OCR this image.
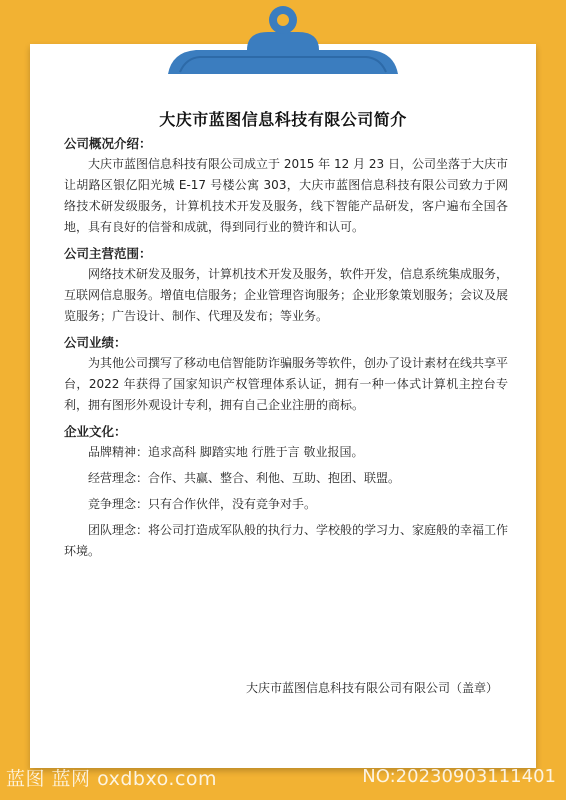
大庆市蓝图信息科技有限公司简介

公司概况介绍：

大庆市蓝图信息科技有限公司成立于 2015 年 12 月 23 日，公司坐落于大庆市让胡路区银亿阳光城 E-17 号楼公寓 303，大庆市蓝图信息科技有限公司致力于网络技术研发级服务，计算机技术开发及服务，线下智能产品研发，客户遍布全国各地，具有良好的信誉和成就，得到同行业的赞许和认可。

公司主营范围：

网络技术研发及服务，计算机技术开发及服务，软件开发，信息系统集成服务，互联网信息服务。增值电信服务；企业管理咨询服务；企业形象策划服务；会议及展览服务；广告设计、制作、代理及发布；等业务。

公司业绩：

为其他公司撰写了移动电信智能防诈骗服务等软件，创办了设计素材在线共享平台，2022 年获得了国家知识产权管理体系认证，拥有一种一体式计算机主控台专利，拥有图形外观设计专利，拥有自己企业注册的商标。

企业文化：

品牌精神：追求高科 脚踏实地 行胜于言 敬业报国。

经营理念：合作、共赢、整合、利他、互助、抱团、联盟。

竞争理念：只有合作伙伴，没有竞争对手。

团队理念：将公司打造成军队般的执行力、学校般的学习力、家庭般的幸福工作环境。

大庆市蓝图信息科技有限公司有限公司（盖章）
蓝图 蓝网 oxdbxo.com	NO:20230903111401
